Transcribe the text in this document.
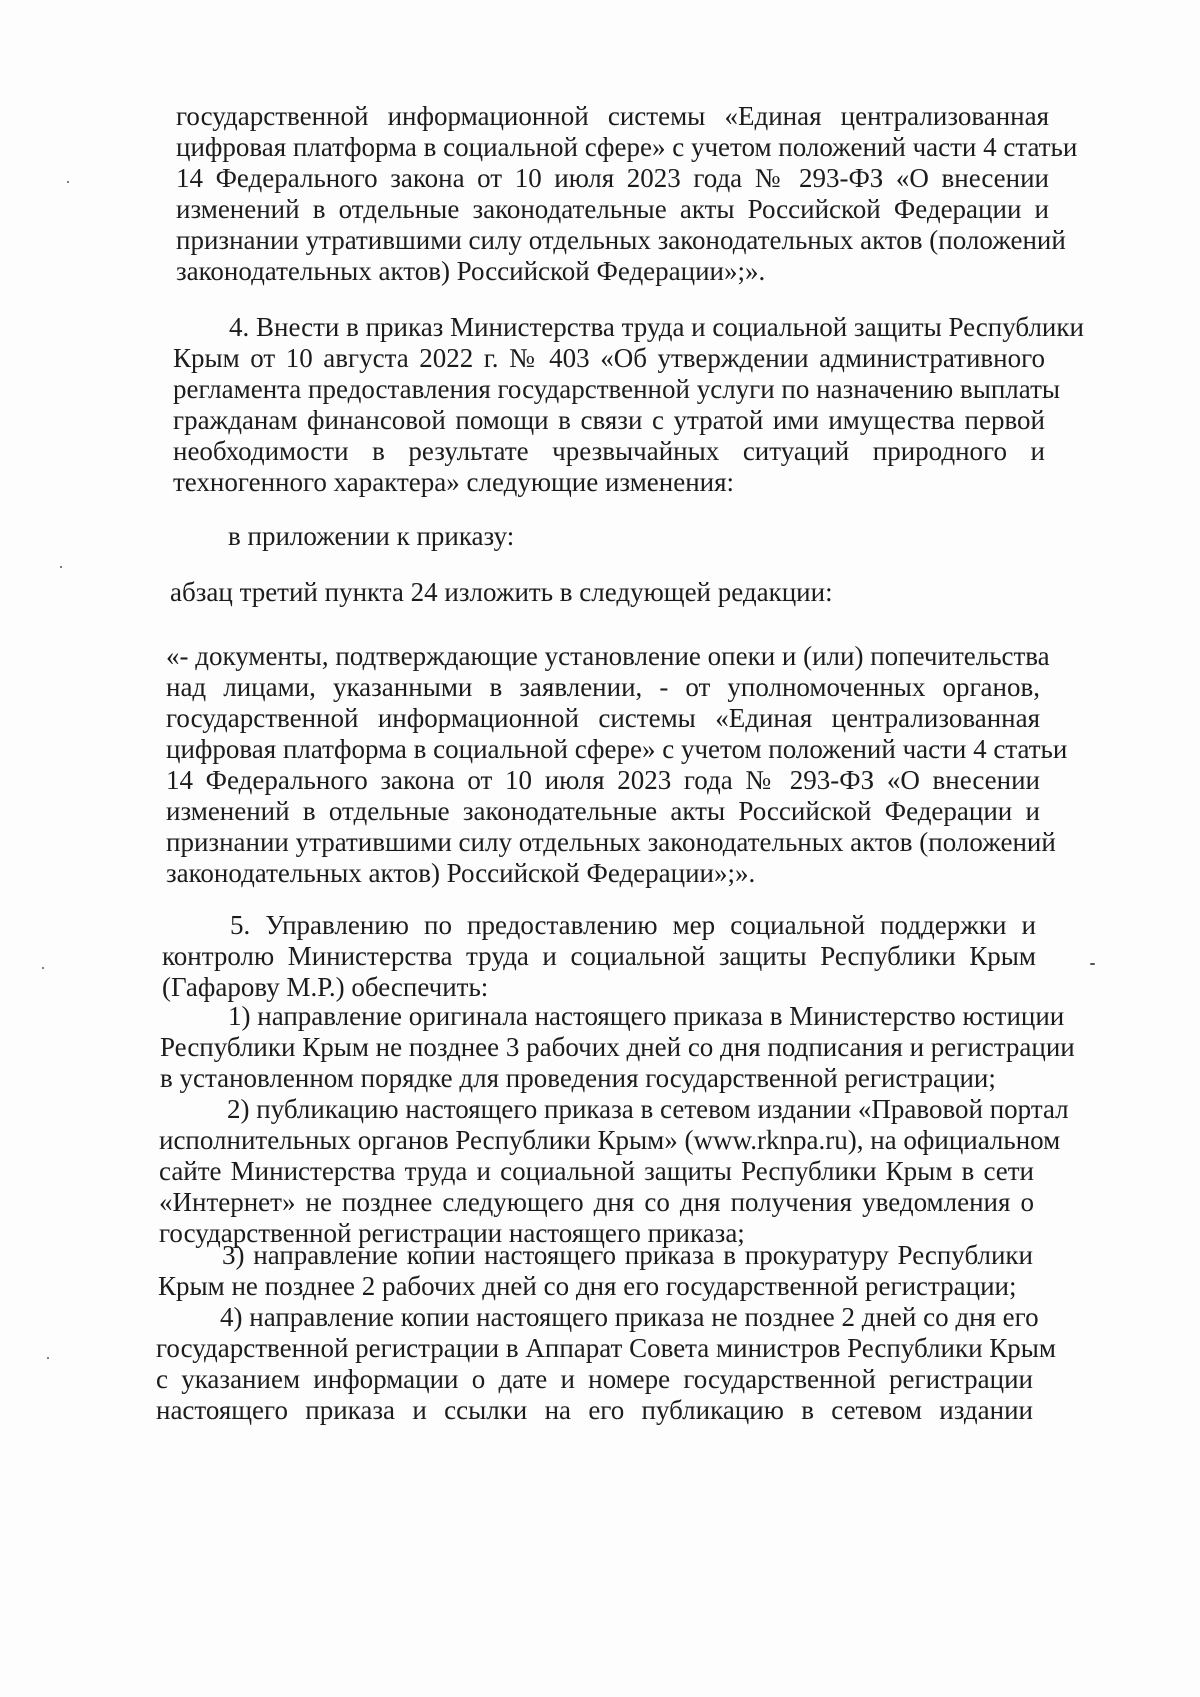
государственной информационной системы «Единая централизованная
цифровая платформа в социальной сфере» с учетом положений части 4 статьи
14 Федерального закона от 10 июля 2023 года № 293-ФЗ «О внесении
изменений в отдельные законодательные акты Российской Федерации и
признании утратившими силу отдельных законодательных актов (положений
законодательных актов) Российской Федерации»;».
4. Внести в приказ Министерства труда и социальной защиты Республики
Крым от 10 августа 2022 г. № 403 «Об утверждении административного
регламента предоставления государственной услуги по назначению выплаты
гражданам финансовой помощи в связи с утратой ими имущества первой
необходимости в результате чрезвычайных ситуаций природного и
техногенного характера» следующие изменения:
в приложении к приказу:
абзац третий пункта 24 изложить в следующей редакции:
«- документы, подтверждающие установление опеки и (или) попечительства
над лицами, указанными в заявлении, - от уполномоченных органов,
государственной информационной системы «Единая централизованная
цифровая платформа в социальной сфере» с учетом положений части 4 статьи
14 Федерального закона от 10 июля 2023 года № 293-ФЗ «О внесении
изменений в отдельные законодательные акты Российской Федерации и
признании утратившими силу отдельных законодательных актов (положений
законодательных актов) Российской Федерации»;».
5. Управлению по предоставлению мер социальной поддержки и
контролю Министерства труда и социальной защиты Республики Крым
(Гафарову М.Р.) обеспечить:
1) направление оригинала настоящего приказа в Министерство юстиции
Республики Крым не позднее 3 рабочих дней со дня подписания и регистрации
в установленном порядке для проведения государственной регистрации;
2) публикацию настоящего приказа в сетевом издании «Правовой портал
исполнительных органов Республики Крым» (www.rknpa.ru), на официальном
сайте Министерства труда и социальной защиты Республики Крым в сети
«Интернет» не позднее следующего дня со дня получения уведомления о
государственной регистрации настоящего приказа;
3) направление копии настоящего приказа в прокуратуру Республики
Крым не позднее 2 рабочих дней со дня его государственной регистрации;
4) направление копии настоящего приказа не позднее 2 дней со дня его
государственной регистрации в Аппарат Совета министров Республики Крым
с указанием информации о дате и номере государственной регистрации
настоящего приказа и ссылки на его публикацию в сетевом издании
